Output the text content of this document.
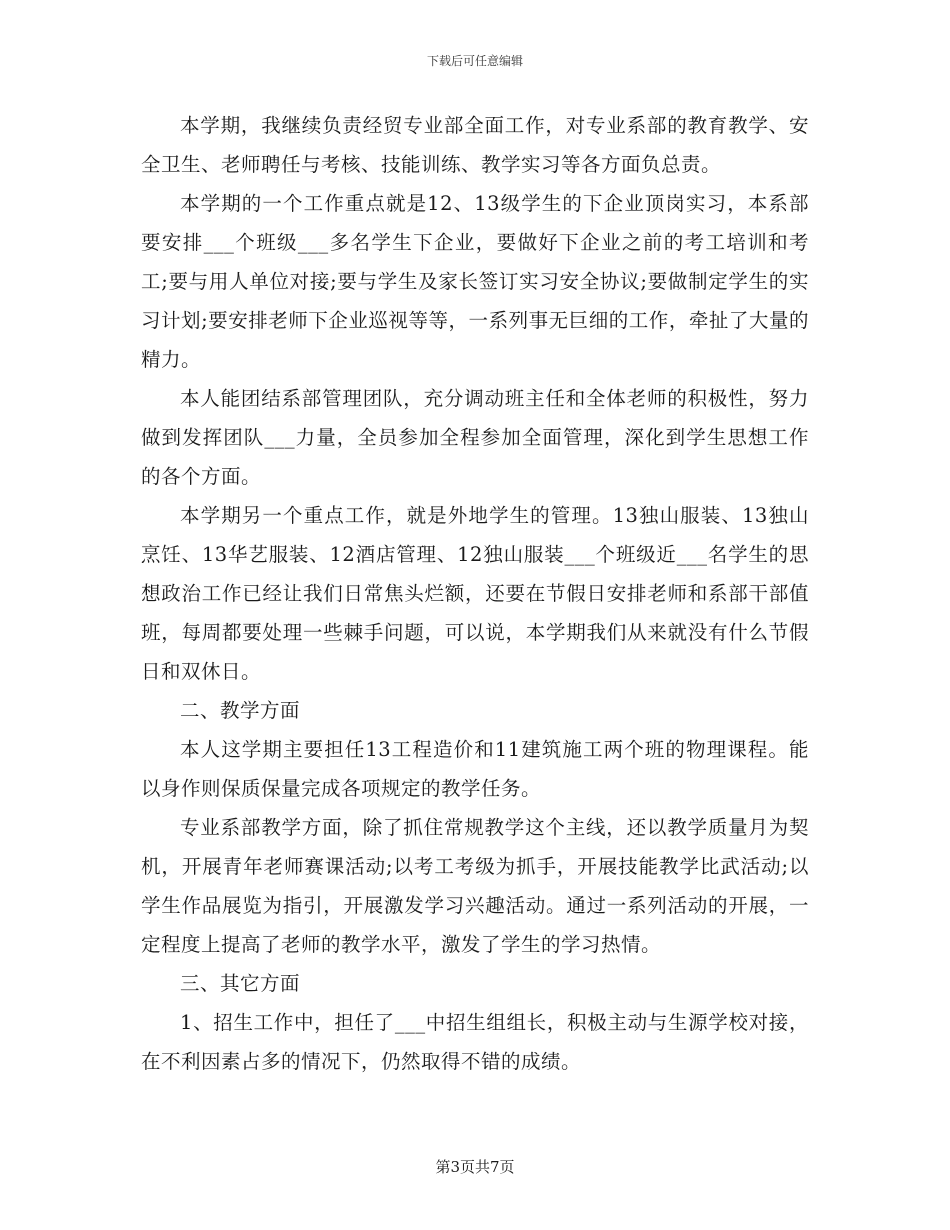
下载后可任意编辑

本学期，我继续负责经贸专业部全面工作，对专业系部的教育教学、安全卫生、老师聘任与考核、技能训练、教学实习等各方面负总责。

本学期的一个工作重点就是12、13级学生的下企业顶岗实习，本系部要安排___个班级___多名学生下企业，要做好下企业之前的考工培训和考工;要与用人单位对接;要与学生及家长签订实习安全协议;要做制定学生的实习计划;要安排老师下企业巡视等等，一系列事无巨细的工作，牵扯了大量的精力。

本人能团结系部管理团队，充分调动班主任和全体老师的积极性，努力做到发挥团队___力量，全员参加全程参加全面管理，深化到学生思想工作的各个方面。

本学期另一个重点工作，就是外地学生的管理。13独山服装、13独山烹饪、13华艺服装、12酒店管理、12独山服装___个班级近___名学生的思想政治工作已经让我们日常焦头烂额，还要在节假日安排老师和系部干部值班，每周都要处理一些棘手问题，可以说，本学期我们从来就没有什么节假日和双休日。

二、教学方面

本人这学期主要担任13工程造价和11建筑施工两个班的物理课程。能以身作则保质保量完成各项规定的教学任务。

专业系部教学方面，除了抓住常规教学这个主线，还以教学质量月为契机，开展青年老师赛课活动;以考工考级为抓手，开展技能教学比武活动;以学生作品展览为指引，开展激发学习兴趣活动。通过一系列活动的开展，一定程度上提高了老师的教学水平，激发了学生的学习热情。

三、其它方面

1、招生工作中，担任了___中招生组组长，积极主动与生源学校对接，在不利因素占多的情况下，仍然取得不错的成绩。

第3页共7页
